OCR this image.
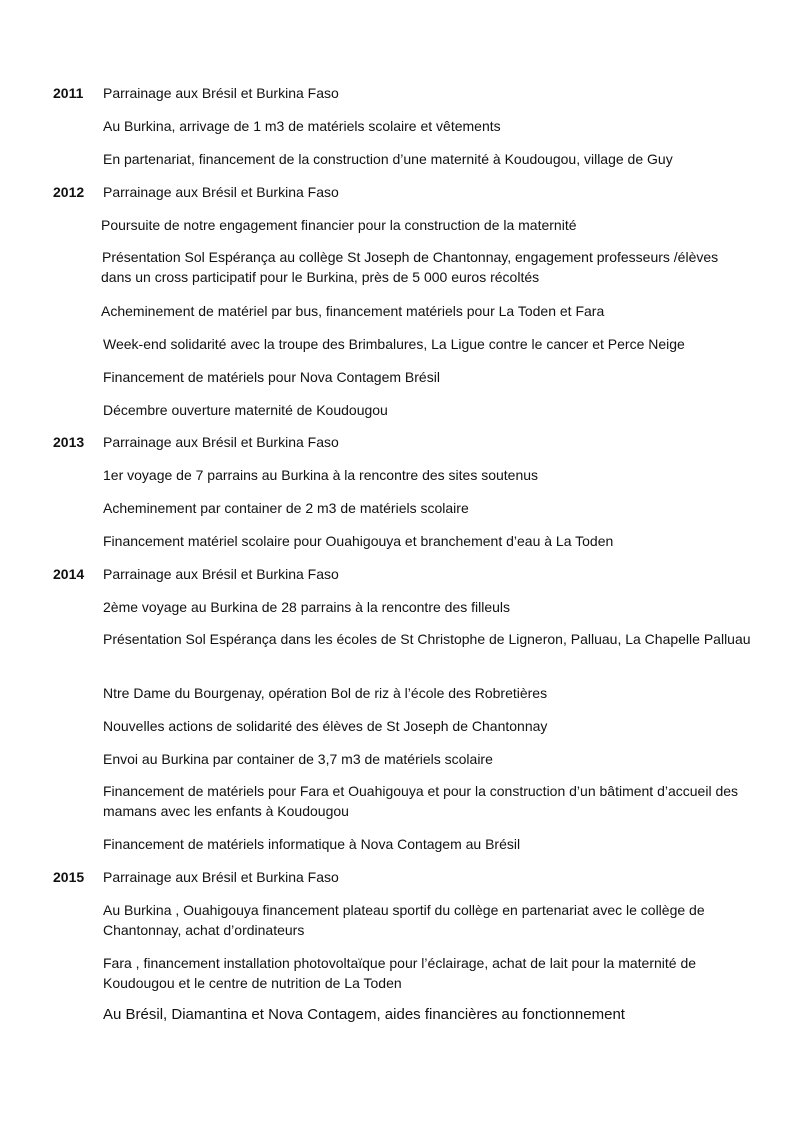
2011 Parrainage aux Brésil et Burkina Faso
Au Burkina, arrivage de 1 m3 de matériels scolaire et vêtements
En partenariat, financement de la construction d’une maternité à Koudougou, village de Guy
2012 Parrainage aux Brésil et Burkina Faso
Poursuite de notre engagement financier pour la construction de la maternité
Présentation Sol Espérança au collège St Joseph de Chantonnay, engagement professeurs /élèves dans un cross participatif pour le Burkina, près de 5 000 euros récoltés
Acheminement de matériel par bus, financement matériels pour La Toden et Fara
Week-end solidarité avec la troupe des Brimbalures, La Ligue contre le cancer et Perce Neige
Financement de matériels pour Nova Contagem Brésil
Décembre ouverture maternité de Koudougou
2013 Parrainage aux Brésil et Burkina Faso
1er voyage de 7 parrains au Burkina à la rencontre des sites soutenus
Acheminement par container de 2 m3 de matériels scolaire
Financement matériel scolaire pour Ouahigouya et branchement d’eau à La Toden
2014 Parrainage aux Brésil et Burkina Faso
2ème voyage au Burkina de 28 parrains à la rencontre des filleuls
Présentation Sol Espérança dans les écoles de St Christophe de Ligneron, Palluau, La Chapelle Palluau
Ntre Dame du Bourgenay, opération Bol de riz à l’école des Robretières
Nouvelles actions de solidarité des élèves de St Joseph de Chantonnay
Envoi au Burkina par container de 3,7 m3 de matériels scolaire
Financement de matériels pour Fara et Ouahigouya et pour la construction d’un bâtiment d’accueil des mamans avec les enfants à Koudougou
Financement de matériels informatique à Nova Contagem au Brésil
2015 Parrainage aux Brésil et Burkina Faso
Au Burkina , Ouahigouya financement plateau sportif du collège en partenariat avec le collège de Chantonnay, achat d’ordinateurs
Fara , financement installation photovoltaïque pour l’éclairage, achat de lait pour la maternité de Koudougou et le centre de nutrition de La Toden
Au Brésil, Diamantina et Nova Contagem, aides financières au fonctionnement
